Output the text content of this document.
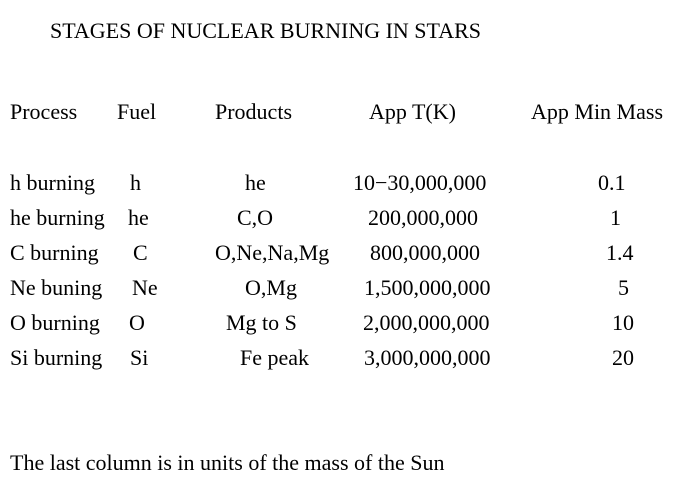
STAGES OF NUCLEAR BURNING IN STARS
Process Fuel	Products	App T(K)	App Min Mass
h burning h	he	10−30,000,000	0.1
he burning he	C,O	200,000,000	1
C burning C	O,Ne,Na,Mg 800,000,000	1.4
Ne buning Ne	O,Mg	1,500,000,000	5
O burning O	Mg to S	2,000,000,000	10
Si burning Si	Fe peak 3,000,000,000	20
The last column is in units of the mass of the Sun
